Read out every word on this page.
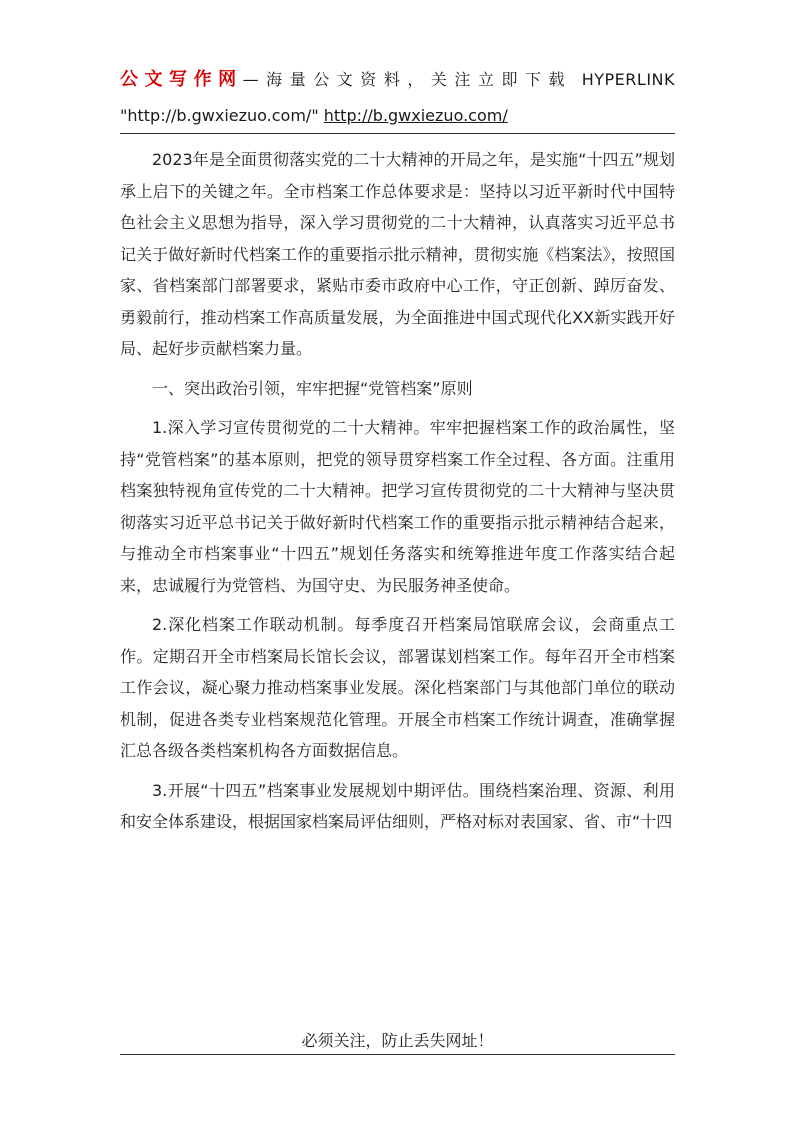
公文写作网—海量公文资料，关注立即下载 HYPERLINK
"http://b.gwxiezuo.com/" http://b.gwxiezuo.com/

2023年是全面贯彻落实党的二十大精神的开局之年，是实施“十四五”规划承上启下的关键之年。全市档案工作总体要求是：坚持以习近平新时代中国特色社会主义思想为指导，深入学习贯彻党的二十大精神，认真落实习近平总书记关于做好新时代档案工作的重要指示批示精神，贯彻实施《档案法》，按照国家、省档案部门部署要求，紧贴市委市政府中心工作，守正创新、踔厉奋发、勇毅前行，推动档案工作高质量发展，为全面推进中国式现代化XX新实践开好局、起好步贡献档案力量。

一、突出政治引领，牢牢把握“党管档案”原则

1.深入学习宣传贯彻党的二十大精神。牢牢把握档案工作的政治属性，坚持“党管档案”的基本原则，把党的领导贯穿档案工作全过程、各方面。注重用档案独特视角宣传党的二十大精神。把学习宣传贯彻党的二十大精神与坚决贯彻落实习近平总书记关于做好新时代档案工作的重要指示批示精神结合起来，与推动全市档案事业“十四五”规划任务落实和统筹推进年度工作落实结合起来，忠诚履行为党管档、为国守史、为民服务神圣使命。

2.深化档案工作联动机制。每季度召开档案局馆联席会议，会商重点工作。定期召开全市档案局长馆长会议，部署谋划档案工作。每年召开全市档案工作会议，凝心聚力推动档案事业发展。深化档案部门与其他部门单位的联动机制，促进各类专业档案规范化管理。开展全市档案工作统计调查，准确掌握汇总各级各类档案机构各方面数据信息。

3.开展“十四五”档案事业发展规划中期评估。围绕档案治理、资源、利用和安全体系建设，根据国家档案局评估细则，严格对标对表国家、省、市“十四

必须关注，防止丢失网址！
